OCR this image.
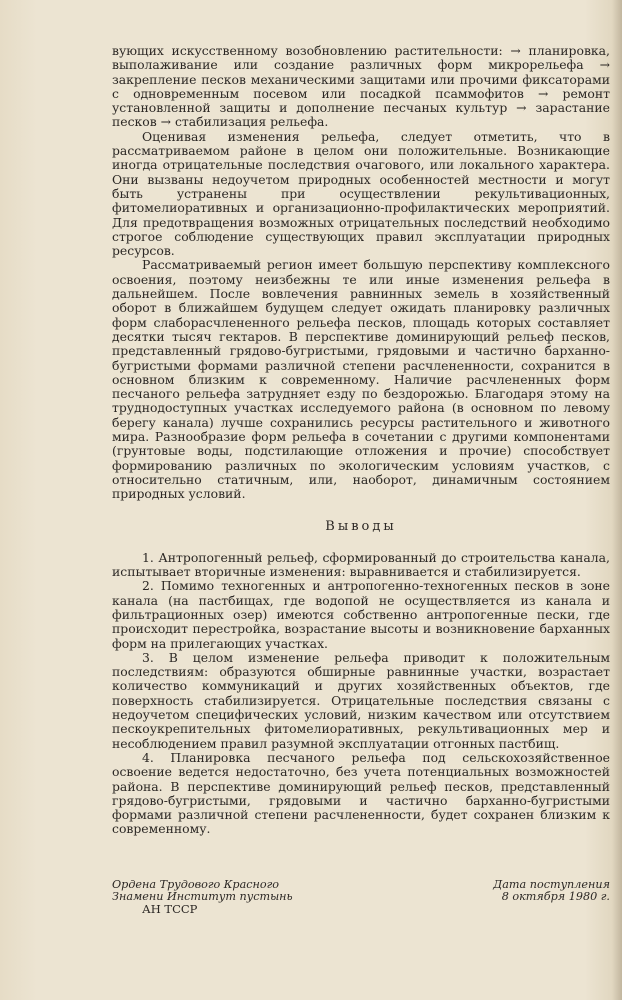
вующих искусственному возобновлению растительности: → планировка, выполаживание или создание различных форм микрорельефа → закрепление песков механическими защитами или прочими фиксаторами с одновременным посевом или посадкой псаммофитов → ремонт установленной защиты и дополнение песчаных культур → зарастание песков → стабилизация рельефа.

Оценивая изменения рельефа, следует отметить, что в рассматриваемом районе в целом они положительные. Возникающие иногда отрицательные последствия очагового, или локального характера. Они вызваны недоучетом природных особенностей местности и могут быть устранены при осуществлении рекультивационных, фитомелиоративных и организационно-профилактических мероприятий. Для предотвращения возможных отрицательных последствий необходимо строгое соблюдение существующих правил эксплуатации природных ресурсов.

Рассматриваемый регион имеет большую перспективу комплексного освоения, поэтому неизбежны те или иные изменения рельефа в дальнейшем. После вовлечения равнинных земель в хозяйственный оборот в ближайшем будущем следует ожидать планировку различных форм слаборасчлененного рельефа песков, площадь которых составляет десятки тысяч гектаров. В перспективе доминирующий рельеф песков, представленный грядово-бугристыми, грядовыми и частично барханно-бугристыми формами различной степени расчлененности, сохранится в основном близким к современному. Наличие расчлененных форм песчаного рельефа затрудняет езду по бездорожью. Благодаря этому на труднодоступных участках исследуемого района (в основном по левому берегу канала) лучше сохранились ресурсы растительного и животного мира. Разнообразие форм рельефа в сочетании с другими компонентами (грунтовые воды, подстилающие отложения и прочие) способствует формированию различных по экологическим условиям участков, с относительно статичным, или, наоборот, динамичным состоянием природных условий.

Выводы

1. Антропогенный рельеф, сформированный до строительства канала, испытывает вторичные изменения: выравнивается и стабилизируется.

2. Помимо техногенных и антропогенно-техногенных песков в зоне канала (на пастбищах, где водопой не осуществляется из канала и фильтрационных озер) имеются собственно антропогенные пески, где происходит перестройка, возрастание высоты и возникновение барханных форм на прилегающих участках.

3. В целом изменение рельефа приводит к положительным последствиям: образуются обширные равнинные участки, возрастает количество коммуникаций и других хозяйственных объектов, где поверхность стабилизируется. Отрицательные последствия связаны с недоучетом специфических условий, низким качеством или отсутствием пескоукрепительных фитомелиоративных, рекультивационных мер и несоблюдением правил разумной эксплуатации отгонных пастбищ.

4. Планировка песчаного рельефа под сельскохозяйственное освоение ведется недостаточно, без учета потенциальных возможностей района. В перспективе доминирующий рельеф песков, представленный грядово-бугристыми, грядовыми и частично барханно-бугристыми формами различной степени расчлененности, будет сохранен близким к современному.

Ордена Трудового Красного
Знамени Институт пустынь
АН ТССР
Дата поступления
8 октября 1980 г.
